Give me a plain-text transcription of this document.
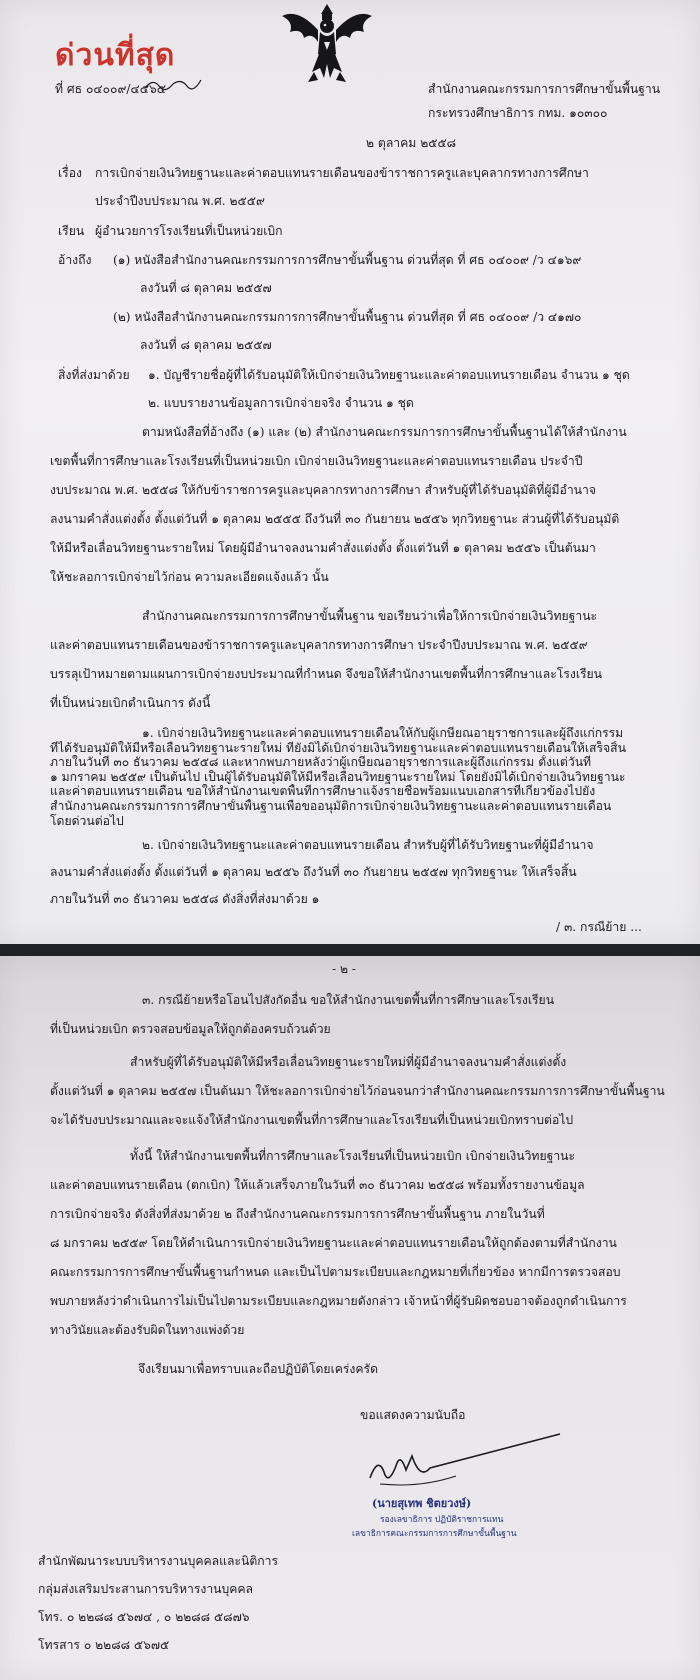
ด่วนที่สุด
ที่ ศธ ๐๔๐๐๙/๔๕๖๕	สำนักงานคณะกรรมการการศึกษาขั้นพื้นฐาน
กระทรวงศึกษาธิการ กทม. ๑๐๓๐๐
๒ ตุลาคม ๒๕๕๘
เรื่อง การเบิกจ่ายเงินวิทยฐานะและค่าตอบแทนรายเดือนของข้าราชการครูและบุคลากรทางการศึกษา
ประจำปีงบประมาณ พ.ศ. ๒๕๕๙
เรียน ผู้อำนวยการโรงเรียนที่เป็นหน่วยเบิก
อ้างถึง (๑) หนังสือสำนักงานคณะกรรมการการศึกษาขั้นพื้นฐาน ด่วนที่สุด ที่ ศธ ๐๔๐๐๙ /ว ๔๑๖๙
ลงวันที่ ๘ ตุลาคม ๒๕๕๗
(๒) หนังสือสำนักงานคณะกรรมการการศึกษาขั้นพื้นฐาน ด่วนที่สุด ที่ ศธ ๐๔๐๐๙ /ว ๔๑๗๐
ลงวันที่ ๘ ตุลาคม ๒๕๕๗
สิ่งที่ส่งมาด้วย ๑. บัญชีรายชื่อผู้ที่ได้รับอนุมัติให้เบิกจ่ายเงินวิทยฐานะและค่าตอบแทนรายเดือน จำนวน ๑ ชุด
๒. แบบรายงานข้อมูลการเบิกจ่ายจริง จำนวน ๑ ชุด
ตามหนังสือที่อ้างถึง (๑) และ (๒) สำนักงานคณะกรรมการการศึกษาขั้นพื้นฐานได้ให้สำนักงาน
เขตพื้นที่การศึกษาและโรงเรียนที่เป็นหน่วยเบิก เบิกจ่ายเงินวิทยฐานะและค่าตอบแทนรายเดือน ประจำปี
งบประมาณ พ.ศ. ๒๕๕๘ ให้กับข้าราชการครูและบุคลากรทางการศึกษา สำหรับผู้ที่ได้รับอนุมัติที่ผู้มีอำนาจ
ลงนามคำสั่งแต่งตั้ง ตั้งแต่วันที่ ๑ ตุลาคม ๒๕๕๕ ถึงวันที่ ๓๐ กันยายน ๒๕๕๖ ทุกวิทยฐานะ ส่วนผู้ที่ได้รับอนุมัติ
ให้มีหรือเลื่อนวิทยฐานะรายใหม่ โดยผู้มีอำนาจลงนามคำสั่งแต่งตั้ง ตั้งแต่วันที่ ๑ ตุลาคม ๒๕๕๖ เป็นต้นมา
ให้ชะลอการเบิกจ่ายไว้ก่อน ความละเอียดแจ้งแล้ว นั้น
สำนักงานคณะกรรมการการศึกษาขั้นพื้นฐาน ขอเรียนว่าเพื่อให้การเบิกจ่ายเงินวิทยฐานะ
และค่าตอบแทนรายเดือนของข้าราชการครูและบุคลากรทางการศึกษา ประจำปีงบประมาณ พ.ศ. ๒๕๕๙
บรรลุเป้าหมายตามแผนการเบิกจ่ายงบประมาณที่กำหนด จึงขอให้สำนักงานเขตพื้นที่การศึกษาและโรงเรียน
ที่เป็นหน่วยเบิกดำเนินการ ดังนี้
๑. เบิกจ่ายเงินวิทยฐานะและค่าตอบแทนรายเดือนให้กับผู้เกษียณอายุราชการและผู้ถึงแก่กรรม
ที่ได้รับอนุมัติให้มีหรือเลื่อนวิทยฐานะรายใหม่ ที่ยังมิได้เบิกจ่ายเงินวิทยฐานะและค่าตอบแทนรายเดือนให้เสร็จสิ้น
ภายในวันที่ ๓๐ ธันวาคม ๒๕๕๘ และหากพบภายหลังว่าผู้เกษียณอายุราชการและผู้ถึงแก่กรรม ตั้งแต่วันที่
๑ มกราคม ๒๕๕๙ เป็นต้นไป เป็นผู้ได้รับอนุมัติให้มีหรือเลื่อนวิทยฐานะรายใหม่ โดยยังมิได้เบิกจ่ายเงินวิทยฐานะ
และค่าตอบแทนรายเดือน ขอให้สำนักงานเขตพื้นที่การศึกษาแจ้งรายชื่อพร้อมแนบเอกสารที่เกี่ยวข้องไปยัง
สำนักงานคณะกรรมการการศึกษาขั้นพื้นฐานเพื่อขออนุมัติการเบิกจ่ายเงินวิทยฐานะและค่าตอบแทนรายเดือน
โดยด่วนต่อไป
/ ๓. กรณีย้าย ...
๒. เบิกจ่ายเงินวิทยฐานะและค่าตอบแทนรายเดือน สำหรับผู้ที่ได้รับวิทยฐานะที่ผู้มีอำนาจ
ลงนามคำสั่งแต่งตั้ง ตั้งแต่วันที่ ๑ ตุลาคม ๒๕๕๖ ถึงวันที่ ๓๐ กันยายน ๒๕๕๗ ทุกวิทยฐานะ ให้เสร็จสิ้น
ภายในวันที่ ๓๐ ธันวาคม ๒๕๕๘ ดังสิ่งที่ส่งมาด้วย ๑
- ๒ -
๓. กรณีย้ายหรือโอนไปสังกัดอื่น ขอให้สำนักงานเขตพื้นที่การศึกษาและโรงเรียน
ที่เป็นหน่วยเบิก ตรวจสอบข้อมูลให้ถูกต้องครบถ้วนด้วย
สำหรับผู้ที่ได้รับอนุมัติให้มีหรือเลื่อนวิทยฐานะรายใหม่ที่ผู้มีอำนาจลงนามคำสั่งแต่งตั้ง
ตั้งแต่วันที่ ๑ ตุลาคม ๒๕๕๗ เป็นต้นมา ให้ชะลอการเบิกจ่ายไว้ก่อนจนกว่าสำนักงานคณะกรรมการการศึกษาขั้นพื้นฐาน
จะได้รับงบประมาณและจะแจ้งให้สำนักงานเขตพื้นที่การศึกษาและโรงเรียนที่เป็นหน่วยเบิกทราบต่อไป
ทั้งนี้ ให้สำนักงานเขตพื้นที่การศึกษาและโรงเรียนที่เป็นหน่วยเบิก เบิกจ่ายเงินวิทยฐานะ
และค่าตอบแทนรายเดือน (ตกเบิก) ให้แล้วเสร็จภายในวันที่ ๓๐ ธันวาคม ๒๕๕๘ พร้อมทั้งรายงานข้อมูล
การเบิกจ่ายจริง ดังสิ่งที่ส่งมาด้วย ๒ ถึงสำนักงานคณะกรรมการการศึกษาขั้นพื้นฐาน ภายในวันที่
๘ มกราคม ๒๕๕๙ โดยให้ดำเนินการเบิกจ่ายเงินวิทยฐานะและค่าตอบแทนรายเดือนให้ถูกต้องตามที่สำนักงาน
คณะกรรมการการศึกษาขั้นพื้นฐานกำหนด และเป็นไปตามระเบียบและกฎหมายที่เกี่ยวข้อง หากมีการตรวจสอบ
พบภายหลังว่าดำเนินการไม่เป็นไปตามระเบียบและกฎหมายดังกล่าว เจ้าหน้าที่ผู้รับผิดชอบอาจต้องถูกดำเนินการ
ทางวินัยและต้องรับผิดในทางแพ่งด้วย
จึงเรียนมาเพื่อทราบและถือปฏิบัติโดยเคร่งครัด
ขอแสดงความนับถือ
(นายสุเทพ ชิตยวงษ์)
รองเลขาธิการ ปฏิบัติราชการแทน
เลขาธิการคณะกรรมการการศึกษาขั้นพื้นฐาน
สำนักพัฒนาระบบบริหารงานบุคคลและนิติการ
กลุ่มส่งเสริมประสานการบริหารงานบุคคล
โทร. ๐ ๒๒๘๘ ๕๖๗๔ , ๐ ๒๒๘๘ ๕๘๗๖
โทรสาร ๐ ๒๒๘๘ ๕๖๗๕
